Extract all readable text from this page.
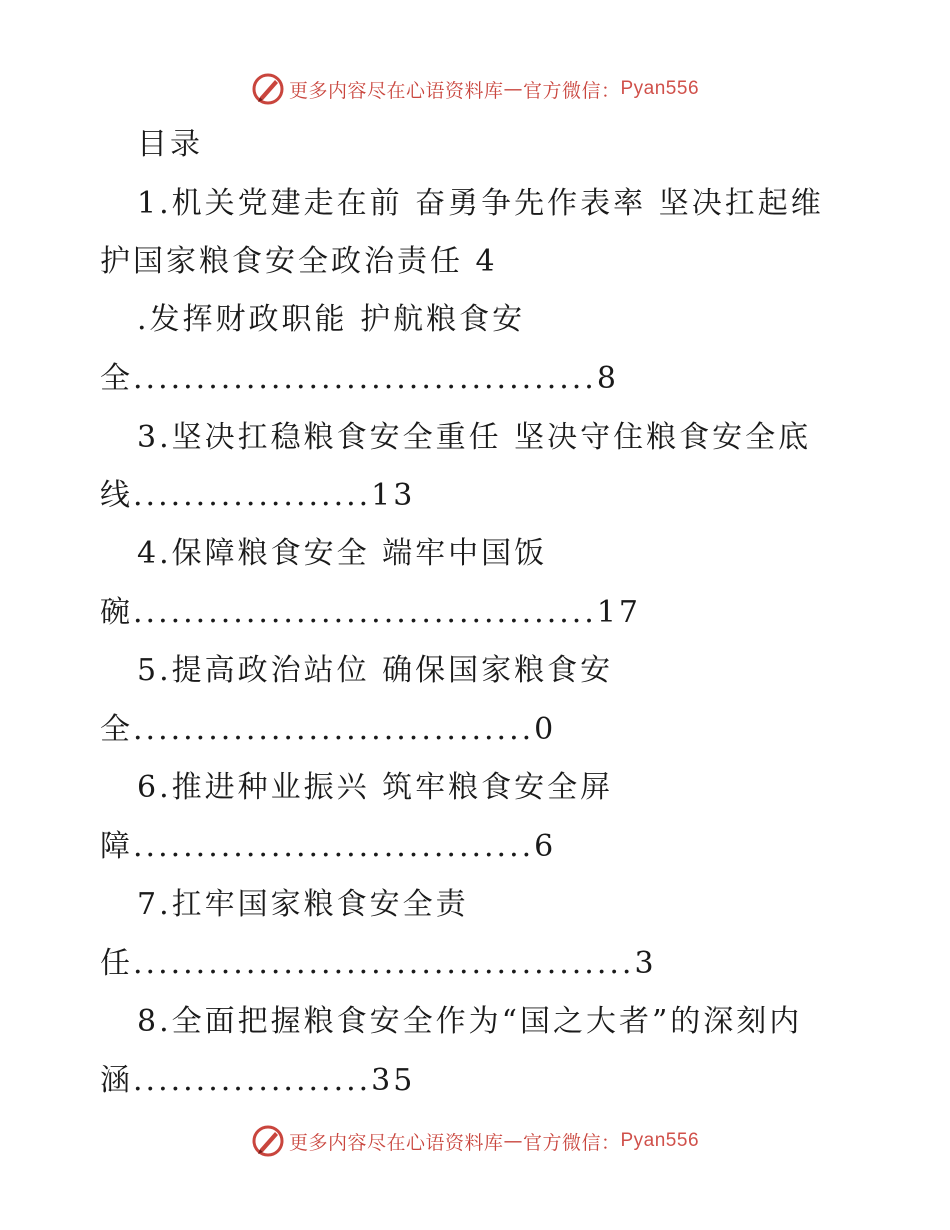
更多内容尽在心语资料库 — 官方微信： Pyan556
目录
1.机关党建走在前 奋勇争先作表率 坚决扛起维
护国家粮食安全政治责任 4
.发挥财政职能 护航粮食安
全.....................................8
3.坚决扛稳粮食安全重任 坚决守住粮食安全底
线...................13
4.保障粮食安全 端牢中国饭
碗.....................................17
5.提高政治站位 确保国家粮食安
全................................0
6.推进种业振兴 筑牢粮食安全屏
障................................6
7.扛牢国家粮食安全责
任........................................3
8.全面把握粮食安全作为“国之大者”的深刻内
涵...................35
更多内容尽在心语资料库 — 官方微信： Pyan556
